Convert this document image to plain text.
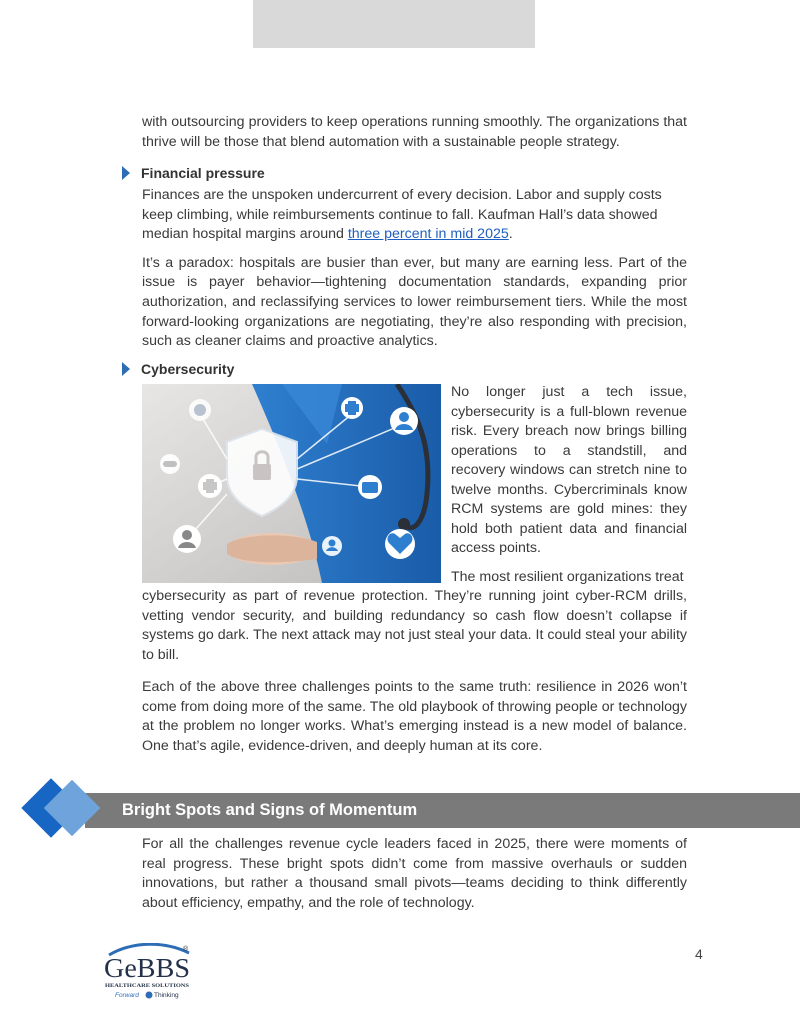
with outsourcing providers to keep operations running smoothly. The organizations that thrive will be those that blend automation with a sustainable people strategy.

Financial pressure

Finances are the unspoken undercurrent of every decision. Labor and supply costs keep climbing, while reimbursements continue to fall. Kaufman Hall’s data showed median hospital margins around three percent in mid 2025.

It’s a paradox: hospitals are busier than ever, but many are earning less. Part of the issue is payer behavior—tightening documentation standards, expanding prior authorization, and reclassifying services to lower reimbursement tiers. While the most forward-looking organizations are negotiating, they’re also responding with precision, such as cleaner claims and proactive analytics.

Cybersecurity

No longer just a tech issue, cybersecurity is a full-blown revenue risk. Every breach now brings billing operations to a standstill, and recovery windows can stretch nine to twelve months. Cybercriminals know RCM systems are gold mines: they hold both patient data and financial access points.

The most resilient organizations treat

cybersecurity as part of revenue protection. They’re running joint cyber-RCM drills, vetting vendor security, and building redundancy so cash flow doesn’t collapse if systems go dark. The next attack may not just steal your data. It could steal your ability to bill.

Each of the above three challenges points to the same truth: resilience in 2026 won’t come from doing more of the same. The old playbook of throwing people or technology at the problem no longer works. What’s emerging instead is a new model of balance. One that’s agile, evidence-driven, and deeply human at its core.

Bright Spots and Signs of Momentum

For all the challenges revenue cycle leaders faced in 2025, there were moments of real progress. These bright spots didn’t come from massive overhauls or sudden innovations, but rather a thousand small pivots—teams deciding to think differently about efficiency, empathy, and the role of technology.

4
®
GeBBS
HEALTHCARE SOLUTIONS
Forward Thinking
